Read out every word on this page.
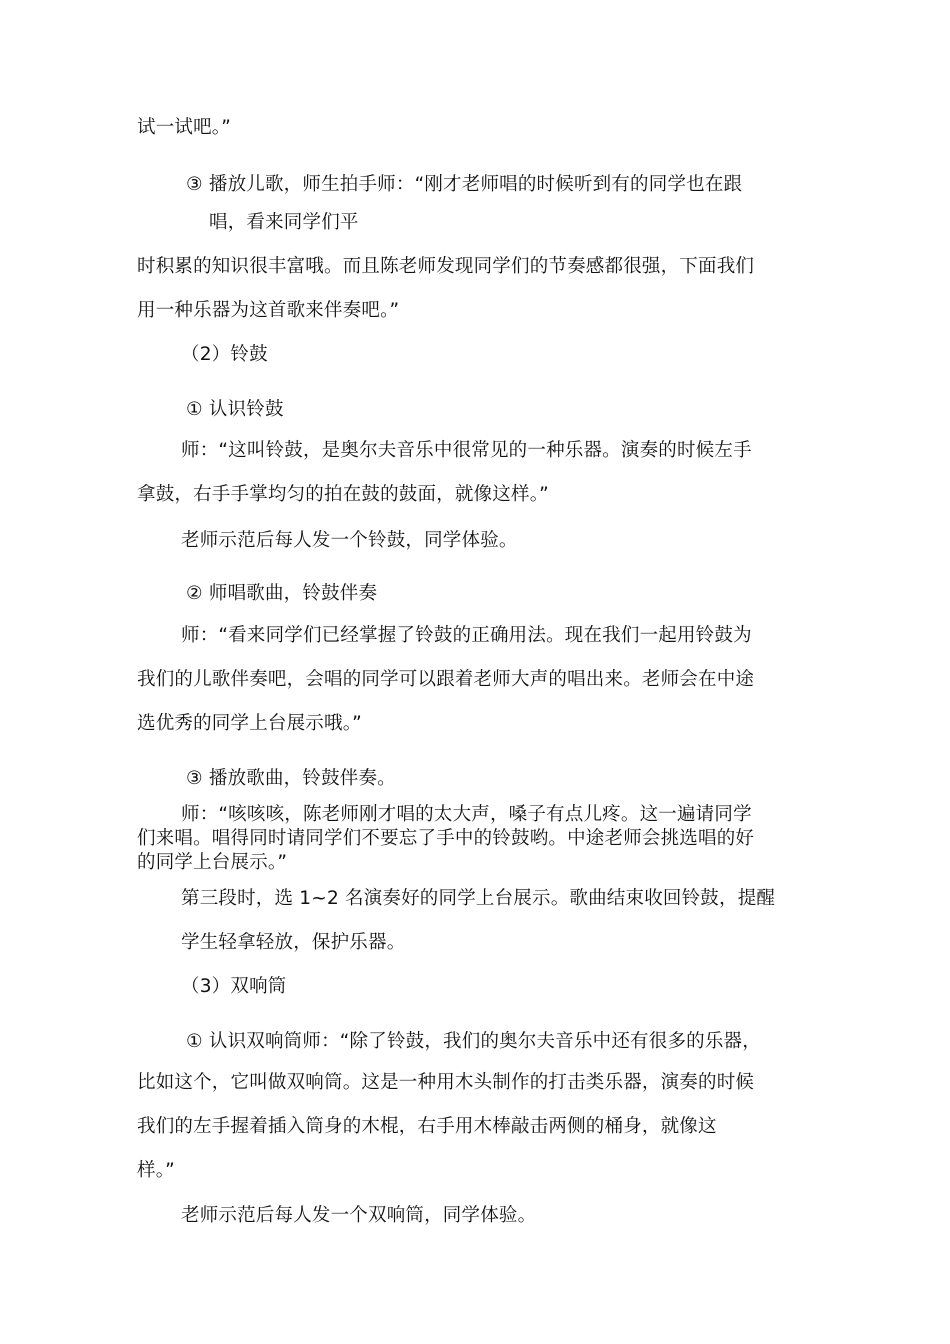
试一试吧。”
③ 播放儿歌，师生拍手师：“刚才老师唱的时候听到有的同学也在跟
唱，看来同学们平
时积累的知识很丰富哦。而且陈老师发现同学们的节奏感都很强，下面我们
用一种乐器为这首歌来伴奏吧。”
（2）铃鼓
① 认识铃鼓
师：“这叫铃鼓，是奥尔夫音乐中很常见的一种乐器。演奏的时候左手
拿鼓，右手手掌均匀的拍在鼓的鼓面，就像这样。”
老师示范后每人发一个铃鼓，同学体验。
② 师唱歌曲，铃鼓伴奏
师：“看来同学们已经掌握了铃鼓的正确用法。现在我们一起用铃鼓为
我们的儿歌伴奏吧，会唱的同学可以跟着老师大声的唱出来。老师会在中途
选优秀的同学上台展示哦。”
③ 播放歌曲，铃鼓伴奏。
师：“咳咳咳，陈老师刚才唱的太大声，嗓子有点儿疼。这一遍请同学
们来唱。唱得同时请同学们不要忘了手中的铃鼓哟。中途老师会挑选唱的好
的同学上台展示。”
第三段时，选 1~2 名演奏好的同学上台展示。歌曲结束收回铃鼓，提醒
学生轻拿轻放，保护乐器。
（3）双响筒
① 认识双响筒师：“除了铃鼓，我们的奥尔夫音乐中还有很多的乐器，
比如这个，它叫做双响筒。这是一种用木头制作的打击类乐器，演奏的时候
我们的左手握着插入筒身的木棍，右手用木棒敲击两侧的桶身，就像这
样。”
老师示范后每人发一个双响筒，同学体验。
